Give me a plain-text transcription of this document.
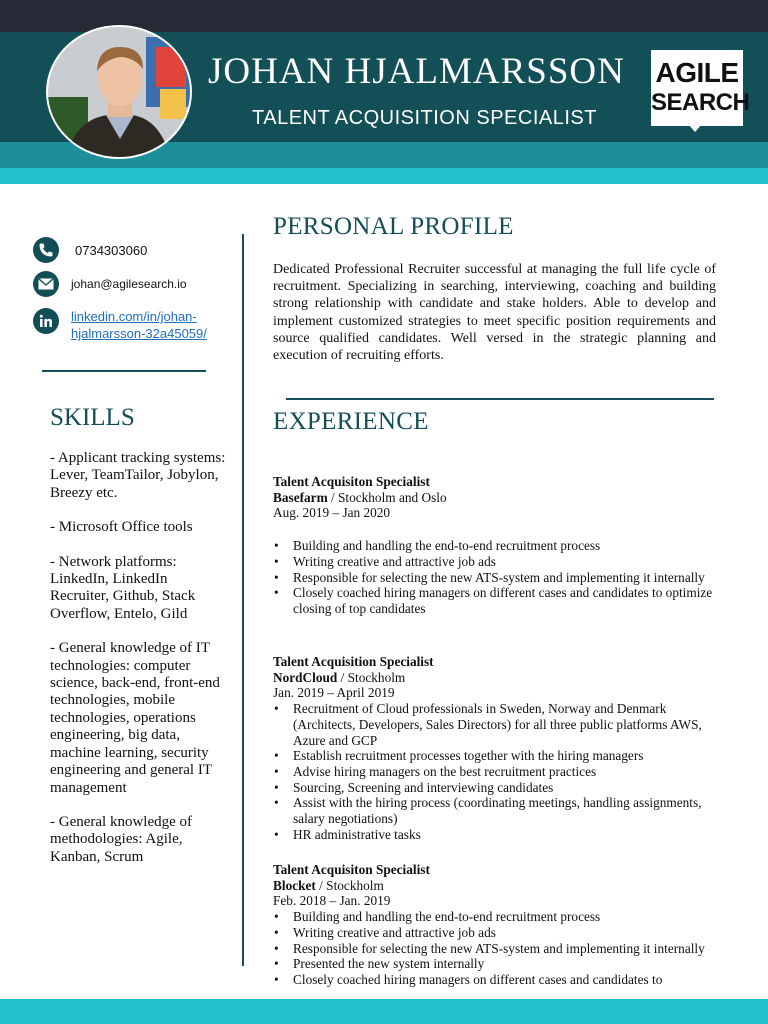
JOHAN HJALMARSSON
TALENT ACQUISITION SPECIALIST
AGILE
SEARCH
0734303060
johan@agilesearch.io
linkedin.com/in/johan-
hjalmarsson-32a45059/
SKILLS

- Applicant tracking systems: Lever, TeamTailor, Jobylon, Breezy etc.

- Microsoft Office tools

- Network platforms: LinkedIn, LinkedIn Recruiter, Github, Stack Overflow, Entelo, Gild

- General knowledge of IT technologies: computer science, back-end, front-end technologies, mobile technologies, operations engineering, big data, machine learning, security engineering and general IT management

- General knowledge of methodologies: Agile, Kanban, Scrum

PERSONAL PROFILE

Dedicated Professional Recruiter successful at managing the full life cycle of recruitment. Specializing in searching, interviewing, coaching and building strong relationship with candidate and stake holders. Able to develop and implement customized strategies to meet specific position requirements and source qualified candidates. Well versed in the strategic planning and execution of recruiting efforts.

EXPERIENCE
Talent Acquisiton Specialist
Basefarm / Stockholm and Oslo
Aug. 2019 – Jan 2020
• Building and handling the end-to-end recruitment process
• Writing creative and attractive job ads
• Responsible for selecting the new ATS-system and implementing it internally
• Closely coached hiring managers on different cases and candidates to optimize closing of top candidates
Talent Acquisition Specialist
NordCloud / Stockholm
Jan. 2019 – April 2019
• Recruitment of Cloud professionals in Sweden, Norway and Denmark (Architects, Developers, Sales Directors) for all three public platforms AWS, Azure and GCP
• Establish recruitment processes together with the hiring managers
• Advise hiring managers on the best recruitment practices
• Sourcing, Screening and interviewing candidates
• Assist with the hiring process (coordinating meetings, handling assignments, salary negotiations)
• HR administrative tasks
Talent Acquisiton Specialist
Blocket / Stockholm
Feb. 2018 – Jan. 2019
• Building and handling the end-to-end recruitment process
• Writing creative and attractive job ads
• Responsible for selecting the new ATS-system and implementing it internally
• Presented the new system internally
• Closely coached hiring managers on different cases and candidates to
